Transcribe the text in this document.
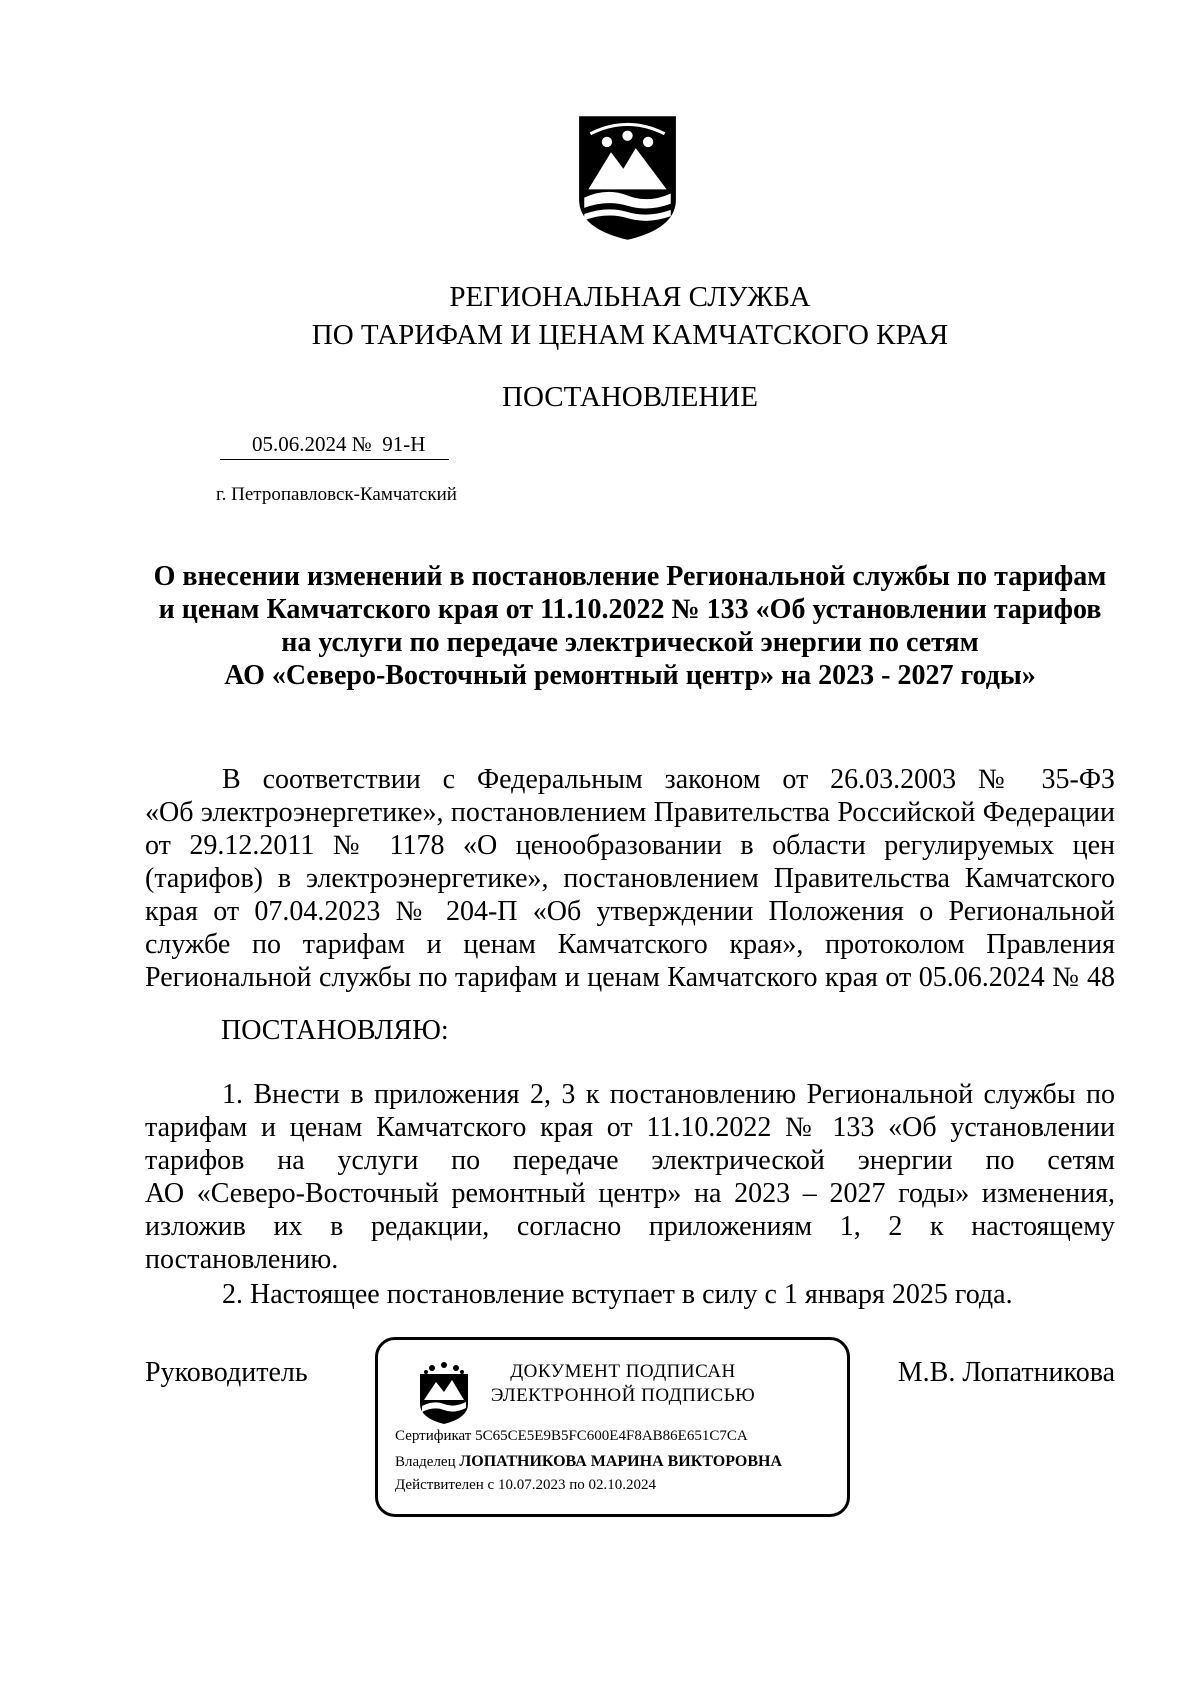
РЕГИОНАЛЬНАЯ СЛУЖБА
ПО ТАРИФАМ И ЦЕНАМ КАМЧАТСКОГО КРАЯ
ПОСТАНОВЛЕНИЕ
05.06.2024 №  91-Н
г. Петропавловск-Камчатский
О внесении изменений в постановление Региональной службы по тарифам
и ценам Камчатского края от 11.10.2022 № 133 «Об установлении тарифов
на услуги по передаче электрической энергии по сетям
АО «Северо-Восточный ремонтный центр» на 2023 - 2027 годы»
В соответствии с Федеральным законом от 26.03.2003 № 35-ФЗ
«Об электроэнергетике», постановлением Правительства Российской Федерации
от 29.12.2011 № 1178 «О ценообразовании в области регулируемых цен
(тарифов) в электроэнергетике», постановлением Правительства Камчатского
края от 07.04.2023 № 204-П «Об утверждении Положения о Региональной
службе по тарифам и ценам Камчатского края», протоколом Правления
Региональной службы по тарифам и ценам Камчатского края от 05.06.2024 № 48
ПОСТАНОВЛЯЮ:
1. Внести в приложения 2, 3 к постановлению Региональной службы по
тарифам и ценам Камчатского края от 11.10.2022 № 133 «Об установлении
тарифов на услуги по передаче электрической энергии по сетям
АО «Северо-Восточный ремонтный центр» на 2023 – 2027 годы» изменения,
изложив их в редакции, согласно приложениям 1, 2 к настоящему
постановлению.
2. Настоящее постановление вступает в силу с 1 января 2025 года.
Руководитель	М.В. Лопатникова
ДОКУМЕНТ ПОДПИСАН
ЭЛЕКТРОННОЙ ПОДПИСЬЮ
Сертификат 5C65CE5E9B5FC600E4F8AB86E651C7CA
Владелец ЛОПАТНИКОВА МАРИНА ВИКТОРОВНА
Действителен с 10.07.2023 по 02.10.2024
